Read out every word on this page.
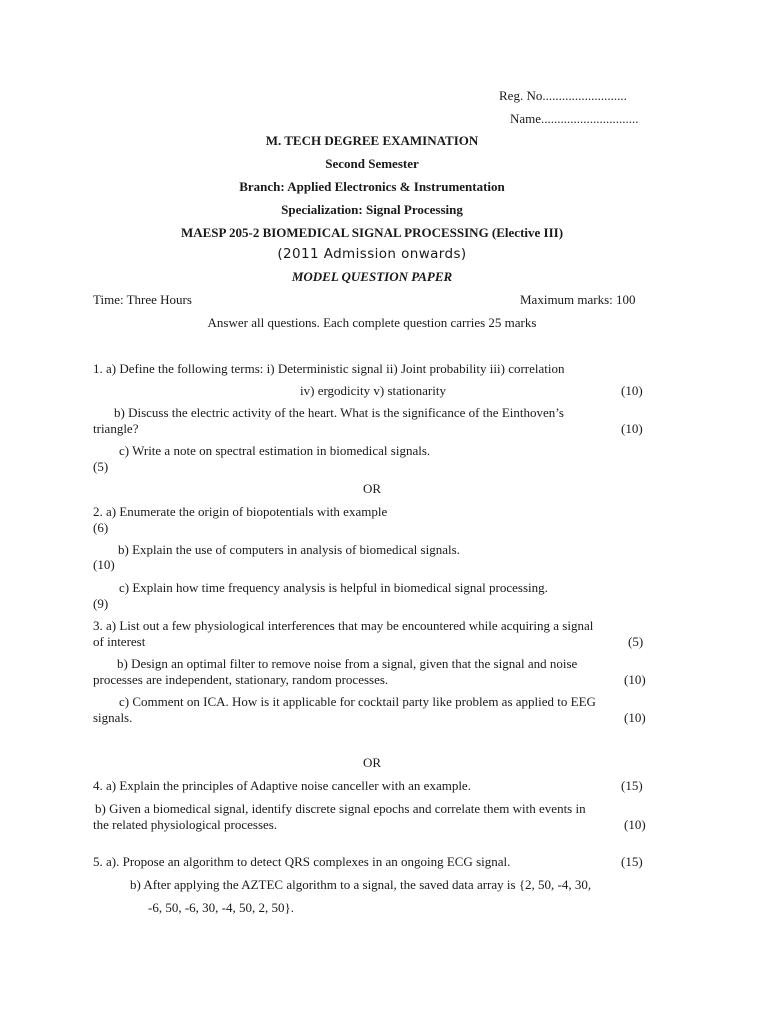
Reg. No..........................
Name..............................
M. TECH DEGREE EXAMINATION
Second Semester
Branch: Applied Electronics & Instrumentation
Specialization: Signal Processing
MAESP 205-2 BIOMEDICAL SIGNAL PROCESSING (Elective III)
(2011 Admission onwards)
MODEL QUESTION PAPER
Time: Three Hours	Maximum marks: 100
Answer all questions. Each complete question carries 25 marks
1. a) Define the following terms: i) Deterministic signal ii) Joint probability iii) correlation
iv) ergodicity v) stationarity	(10)
b) Discuss the electric activity of the heart. What is the significance of the Einthoven’s
triangle?	(10)
c) Write a note on spectral estimation in biomedical signals.
(5)
OR
2. a) Enumerate the origin of biopotentials with example
(6)
b) Explain the use of computers in analysis of biomedical signals.
(10)
c) Explain how time frequency analysis is helpful in biomedical signal processing.
(9)
3. a) List out a few physiological interferences that may be encountered while acquiring a signal
of interest	(5)
b) Design an optimal filter to remove noise from a signal, given that the signal and noise
processes are independent, stationary, random processes.	(10)
c) Comment on ICA. How is it applicable for cocktail party like problem as applied to EEG
signals.	(10)
OR
4. a) Explain the principles of Adaptive noise canceller with an example.	(15)
b) Given a biomedical signal, identify discrete signal epochs and correlate them with events in
the related physiological processes.	(10)
5. a). Propose an algorithm to detect QRS complexes in an ongoing ECG signal.	(15)
b) After applying the AZTEC algorithm to a signal, the saved data array is {2, 50, -4, 30,
-6, 50, -6, 30, -4, 50, 2, 50}.
